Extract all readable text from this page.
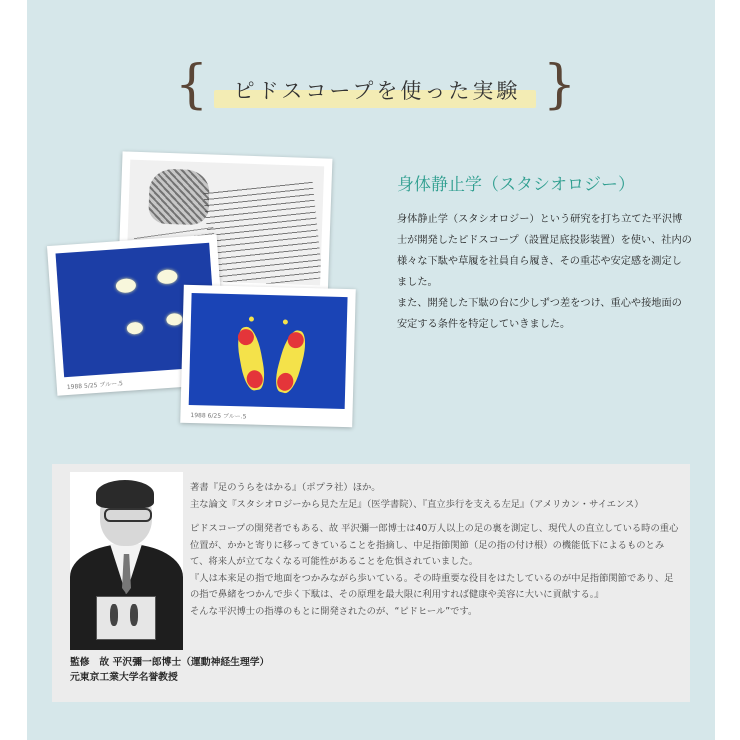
{	ピドスコープを使った実験 }
1988 5/25 ブルー.5
1988 6/25 ブルー.5
身体静止学（スタシオロジー）

身体静止学（スタシオロジー）という研究を打ち立てた平沢博士が開発したピドスコープ（設置足底投影装置）を使い、社内の様々な下駄や草履を社員自ら履き、その重芯や安定感を測定しました。

また、開発した下駄の台に少しずつ差をつけ、重心や接地面の安定する条件を特定していきました。

監修　故 平沢彌一郎博士（運動神経生理学）
元東京工業大学名誉教授

著書『足のうらをはかる』（ポプラ社）ほか。

主な論文『スタシオロジーから見た左足』（医学書院）、『直立歩行を支える左足』（アメリカン・サイエンス）

ピドスコープの開発者でもある、故 平沢彌一郎博士は40万人以上の足の裏を測定し、現代人の直立している時の重心位置が、かかと寄りに移ってきていることを指摘し、中足指節関節（足の指の付け根）の機能低下によるものとみて、将来人が立てなくなる可能性があることを危惧されていました。

『人は本来足の指で地面をつかみながら歩いている。その時重要な役目をはたしているのが中足指節関節であり、足の指で鼻緒をつかんで歩く下駄は、その原理を最大限に利用すれば健康や美容に大いに貢献する。』

そんな平沢博士の指導のもとに開発されたのが、“ピドヒール”です。
